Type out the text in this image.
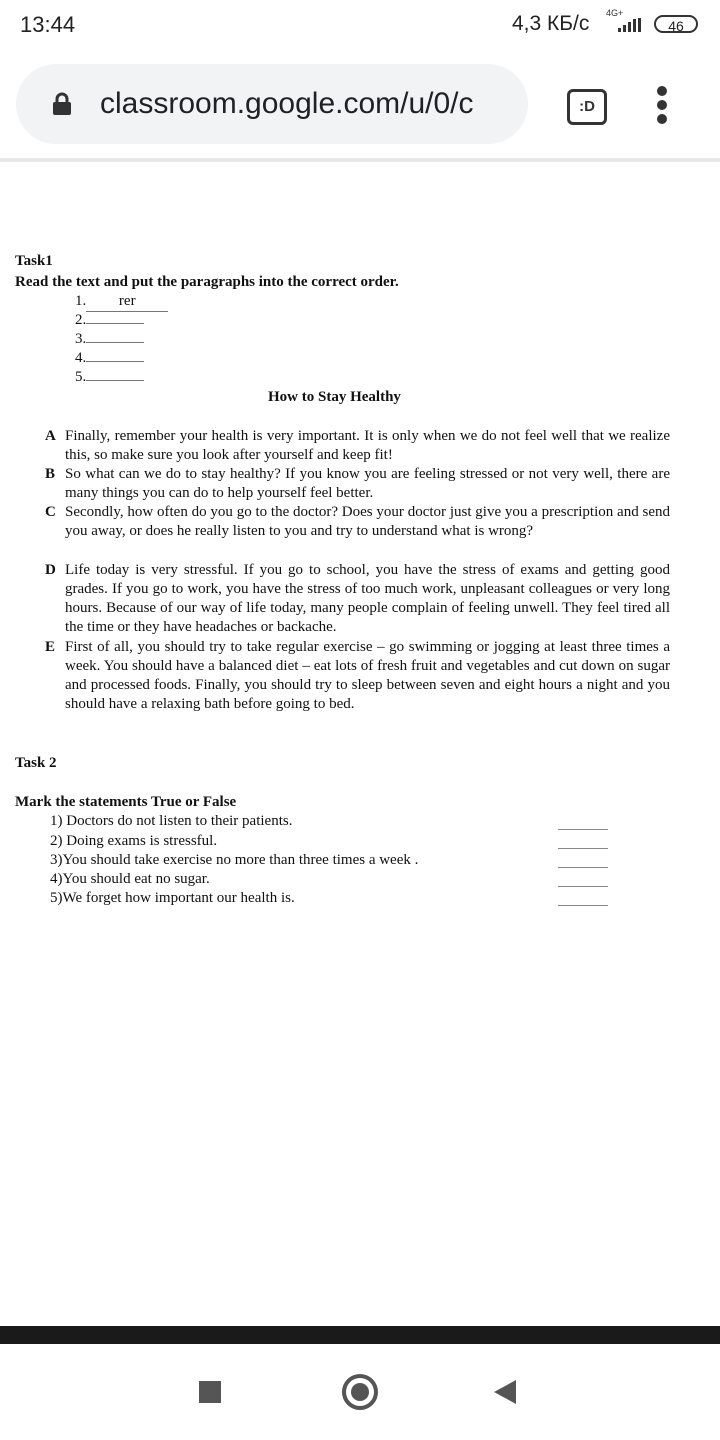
13:44	4,3 КБ/с 4G+
46
classroom.google.com/u/0/c	:D
Task1
Read the text and put the paragraphs into the correct order.
1. rer
2.
3.
4.
5.
How to Stay Healthy
A Finally, remember your health is very important. It is only when we do not feel well that we realize this, so make sure you look after yourself and keep fit!
B So what can we do to stay healthy? If you know you are feeling stressed or not very well, there are many things you can do to help yourself feel better.
C Secondly, how often do you go to the doctor? Does your doctor just give you a prescription and send you away, or does he really listen to you and try to understand what is wrong?
D Life today is very stressful. If you go to school, you have the stress of exams and getting good grades. If you go to work, you have the stress of too much work, unpleasant colleagues or very long hours. Because of our way of life today, many people complain of feeling unwell. They feel tired all the time or they have headaches or backache.
E First of all, you should try to take regular exercise – go swimming or jogging at least three times a week. You should have a balanced diet – eat lots of fresh fruit and vegetables and cut down on sugar and processed foods. Finally, you should try to sleep between seven and eight hours a night and you should have a relaxing bath before going to bed.
Task 2
Mark the statements True or False
1) Doctors do not listen to their patients.
2) Doing exams is stressful.
3)You should take exercise no more than three times a week .
4)You should eat no sugar.
5)We forget how important our health is.
